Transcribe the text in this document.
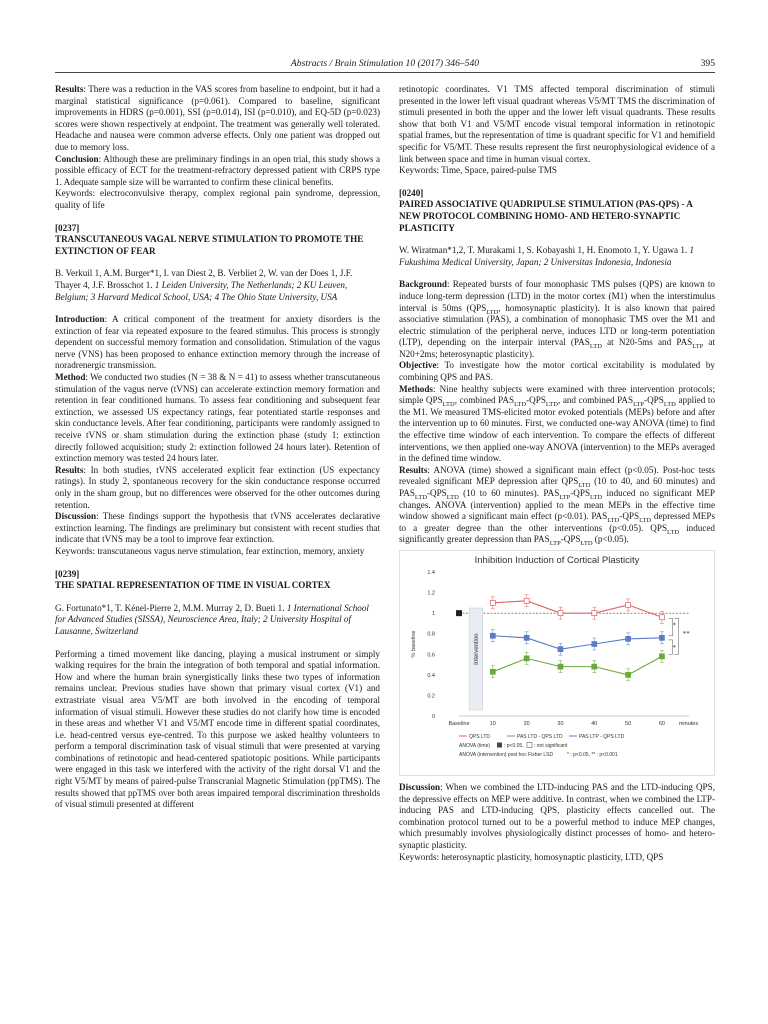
Abstracts / Brain Stimulation 10 (2017) 346–540	395

Results: There was a reduction in the VAS scores from baseline to endpoint, but it had a marginal statistical significance (p=0.061). Compared to baseline, significant improvements in HDRS (p=0.001), SSI (p=0.014), ISI (p=0.010), and EQ-5D (p=0.023) scores were shown respectively at endpoint. The treatment was generally well tolerated. Headache and nausea were common adverse effects. Only one patient was dropped out due to memory loss.

Conclusion: Although these are preliminary findings in an open trial, this study shows a possible efficacy of ECT for the treatment-refractory depressed patient with CRPS type 1. Adequate sample size will be warranted to confirm these clinical benefits.

Keywords: electroconvulsive therapy, complex regional pain syndrome, depression, quality of life

[0237]

TRANSCUTANEOUS VAGAL NERVE STIMULATION TO PROMOTE THE EXTINCTION OF FEAR

B. Verkuil 1, A.M. Burger*1, I. van Diest 2, B. Verbliet 2, W. van der Does 1, J.F. Thayer 4, J.F. Brosschot 1. 1 Leiden University, The Netherlands; 2 KU Leuven, Belgium; 3 Harvard Medical School, USA; 4 The Ohio State University, USA

Introduction: A critical component of the treatment for anxiety disorders is the extinction of fear via repeated exposure to the feared stimulus. This process is strongly dependent on successful memory formation and consolidation. Stimulation of the vagus nerve (VNS) has been proposed to enhance extinction memory through the increase of noradrenergic transmission.

Method: We conducted two studies (N = 38 & N = 41) to assess whether transcutaneous stimulation of the vagus nerve (tVNS) can accelerate extinction memory formation and retention in fear conditioned humans. To assess fear conditioning and subsequent fear extinction, we assessed US expectancy ratings, fear potentiated startle responses and skin conductance levels. After fear conditioning, participants were randomly assigned to receive tVNS or sham stimulation during the extinction phase (study 1: extinction directly followed acquisition; study 2: extinction followed 24 hours later). Retention of extinction memory was tested 24 hours later.

Results: In both studies, tVNS accelerated explicit fear extinction (US expectancy ratings). In study 2, spontaneous recovery for the skin conductance response occurred only in the sham group, but no differences were observed for the other outcomes during retention.

Discussion: These findings support the hypothesis that tVNS accelerates declarative extinction learning. The findings are preliminary but consistent with recent studies that indicate that tVNS may be a tool to improve fear extinction.

Keywords: transcutaneous vagus nerve stimulation, fear extinction, memory, anxiety

[0239]

THE SPATIAL REPRESENTATION OF TIME IN VISUAL CORTEX

G. Fortunato*1, T. Kénel-Pierre 2, M.M. Murray 2, D. Bueti 1. 1 International School for Advanced Studies (SISSA), Neuroscience Area, Italy; 2 University Hospital of Lausanne, Switzerland

Performing a timed movement like dancing, playing a musical instrument or simply walking requires for the brain the integration of both temporal and spatial information. How and where the human brain synergistically links these two types of information remains unclear. Previous studies have shown that primary visual cortex (V1) and extrastriate visual area V5/MT are both involved in the encoding of temporal information of visual stimuli. However these studies do not clarify how time is encoded in these areas and whether V1 and V5/MT encode time in different spatial coordinates, i.e. head-centred versus eye-centred. To this purpose we asked healthy volunteers to perform a temporal discrimination task of visual stimuli that were presented at varying combinations of retinotopic and head-centered spatiotopic positions. While participants were engaged in this task we interfered with the activity of the right dorsal V1 and the right V5/MT by means of paired-pulse Transcranial Magnetic Stimulation (ppTMS). The results showed that ppTMS over both areas impaired temporal discrimination thresholds of visual stimuli presented at different

retinotopic coordinates. V1 TMS affected temporal discrimination of stimuli presented in the lower left visual quadrant whereas V5/MT TMS the discrimination of stimuli presented in both the upper and the lower left visual quadrants. These results show that both V1 and V5/MT encode visual temporal information in retinotopic spatial frames, but the representation of time is quadrant specific for V1 and hemifield specific for V5/MT. These results represent the first neurophysiological evidence of a link between space and time in human visual cortex.

Keywords: Time, Space, paired-pulse TMS

[0240]

PAIRED ASSOCIATIVE QUADRIPULSE STIMULATION (PAS-QPS) - A NEW PROTOCOL COMBINING HOMO- AND HETERO-SYNAPTIC PLASTICITY

W. Wiratman*1,2, T. Murakami 1, S. Kobayashi 1, H. Enomoto 1, Y. Ugawa 1. 1 Fukushima Medical University, Japan; 2 Universitas Indonesia, Indonesia

Background: Repeated bursts of four monophasic TMS pulses (QPS) are known to induce long-term depression (LTD) in the motor cortex (M1) when the interstimulus interval is 50ms ($QPS_{LTD}$, homosynaptic plasticity). It is also known that paired associative stimulation (PAS), a combination of monophasic TMS over the M1 and electric stimulation of the peripheral nerve, induces LTD or long-term potentiation (LTP), depending on the interpair interval ($PAS_{LTD}$ at N20-5ms and $PAS_{LTP}$ at N20+2ms; heterosynaptic plasticity).

Objective: To investigate how the motor cortical excitability is modulated by combining QPS and PAS.

Methods: Nine healthy subjects were examined with three intervention protocols; simple $QPS_{LTD}$, combined $PAS_{LTD}-QPS_{LTD}$, and combined $PAS_{LTP}-QPS_{LTD}$ applied to the M1. We measured TMS-elicited motor evoked potentials (MEPs) before and after the intervention up to 60 minutes. First, we conducted one-way ANOVA (time) to find the effective time window of each intervention. To compare the effects of different interventions, we then applied one-way ANOVA (intervention) to the MEPs averaged in the defined time window.

Results: ANOVA (time) showed a significant main effect (p<0.05). Post-hoc tests revealed significant MEP depression after $QPS_{LTD}$ (10 to 40, and 60 minutes) and $PAS_{LTD}-QPS_{LTD}$ (10 to 60 minutes). $PAS_{LTP}-QPS_{LTD}$ induced no significant MEP changes. ANOVA (intervention) applied to the mean MEPs in the effective time window showed a significant main effect (p<0.01). $PAS_{LTD}-QPS_{LTD}$ depressed MEPs to a greater degree than the other interventions (p<0.05). $QPS_{LTD}$ induced significantly greater depression than $PAS_{LTP}-QPS_{LTD}$ (p<0.05).

Inhibition Induction of Cortical Plasticity
0
0.2
0.4
0.6
0.8
1
1.2
1.4
% baseline
Baseline	10	20	30	40	50	60	minutes
Intervention
*
**
*
QPS LTD	PAS LTD - QPS LTD	PAS LTP - QPS LTD
ANOVA (time)	: p<0.05, : not significant
ANOVA (intervention) post hoc Fisher LSD	* : p<0.05, ** : p<0.001

Discussion: When we combined the LTD-inducing PAS and the LTD-inducing QPS, the depressive effects on MEP were additive. In contrast, when we combined the LTP-inducing PAS and LTD-inducing QPS, plasticity effects cancelled out. The combination protocol turned out to be a powerful method to induce MEP changes, which presumably involves physiologically distinct processes of homo- and hetero-synaptic plasticity.

Keywords: heterosynaptic plasticity, homosynaptic plasticity, LTD, QPS
